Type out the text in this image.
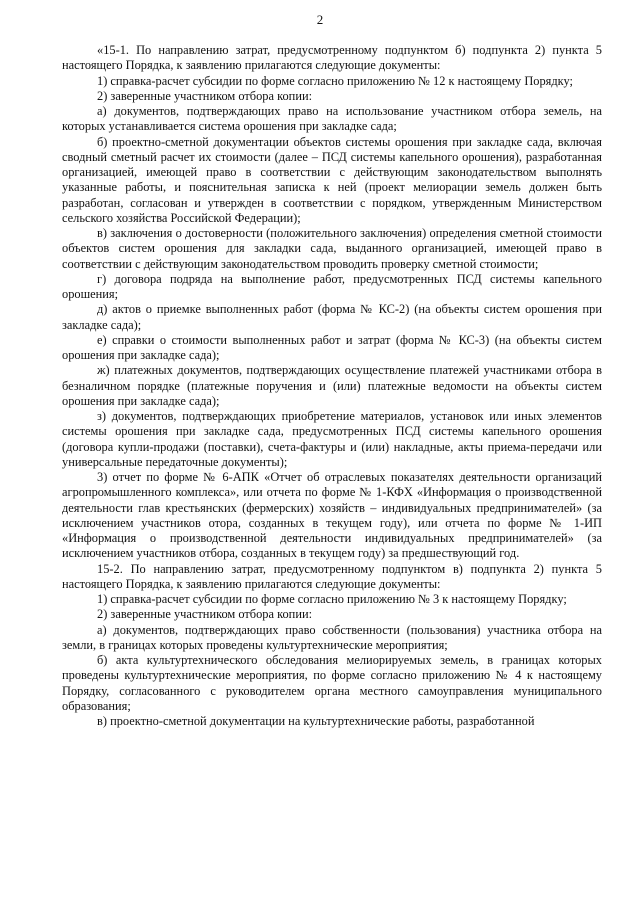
2

«15-1. По направлению затрат, предусмотренному подпунктом б) подпункта 2) пункта 5 настоящего Порядка, к заявлению прилагаются следующие документы:

1) справка-расчет субсидии по форме согласно приложению № 12 к настоящему Порядку;

2) заверенные участником отбора копии:

а) документов, подтверждающих право на использование участником отбора земель, на которых устанавливается система орошения при закладке сада;

б) проектно-сметной документации объектов системы орошения при закладке сада, включая сводный сметный расчет их стоимости (далее – ПСД системы капельного орошения), разработанная организацией, имеющей право в соответствии с действующим законодательством выполнять указанные работы, и пояснительная записка к ней (проект мелиорации земель должен быть разработан, согласован и утвержден в соответствии с порядком, утвержденным Министерством сельского хозяйства Российской Федерации);

в) заключения о достоверности (положительного заключения) определения сметной стоимости объектов систем орошения для закладки сада, выданного организацией, имеющей право в соответствии с действующим законодательством проводить проверку сметной стоимости;

г) договора подряда на выполнение работ, предусмотренных ПСД системы капельного орошения;

д) актов о приемке выполненных работ (форма № КС-2) (на объекты систем орошения при закладке сада);

е) справки о стоимости выполненных работ и затрат (форма № КС-3) (на объекты систем орошения при закладке сада);

ж) платежных документов, подтверждающих осуществление платежей участниками отбора в безналичном порядке (платежные поручения и (или) платежные ведомости на объекты систем орошения при закладке сада);

з) документов, подтверждающих приобретение материалов, установок или иных элементов системы орошения при закладке сада, предусмотренных ПСД системы капельного орошения (договора купли-продажи (поставки), счета-фактуры и (или) накладные, акты приема-передачи или универсальные передаточные документы);

3) отчет по форме № 6-АПК «Отчет об отраслевых показателях деятельности организаций агропромышленного комплекса», или отчета по форме № 1-КФХ «Информация о производственной деятельности глав крестьянских (фермерских) хозяйств – индивидуальных предпринимателей» (за исключением участников отора, созданных в текущем году), или отчета по форме № 1-ИП «Информация о производственной деятельности индивидуальных предпринимателей» (за исключением участников отбора, созданных в текущем году) за предшествующий год.

15-2. По направлению затрат, предусмотренному подпунктом в) подпункта 2) пункта 5 настоящего Порядка, к заявлению прилагаются следующие документы:

1) справка-расчет субсидии по форме согласно приложению № 3 к настоящему Порядку;

2) заверенные участником отбора копии:

а) документов, подтверждающих право собственности (пользования) участника отбора на земли, в границах которых проведены культуртехнические мероприятия;

б) акта культуртехнического обследования мелиорируемых земель, в границах которых проведены культуртехнические мероприятия, по форме согласно приложению № 4 к настоящему Порядку, согласованного с руководителем органа местного самоуправления муниципального образования;

в) проектно-сметной документации на культуртехнические работы, разработанной
